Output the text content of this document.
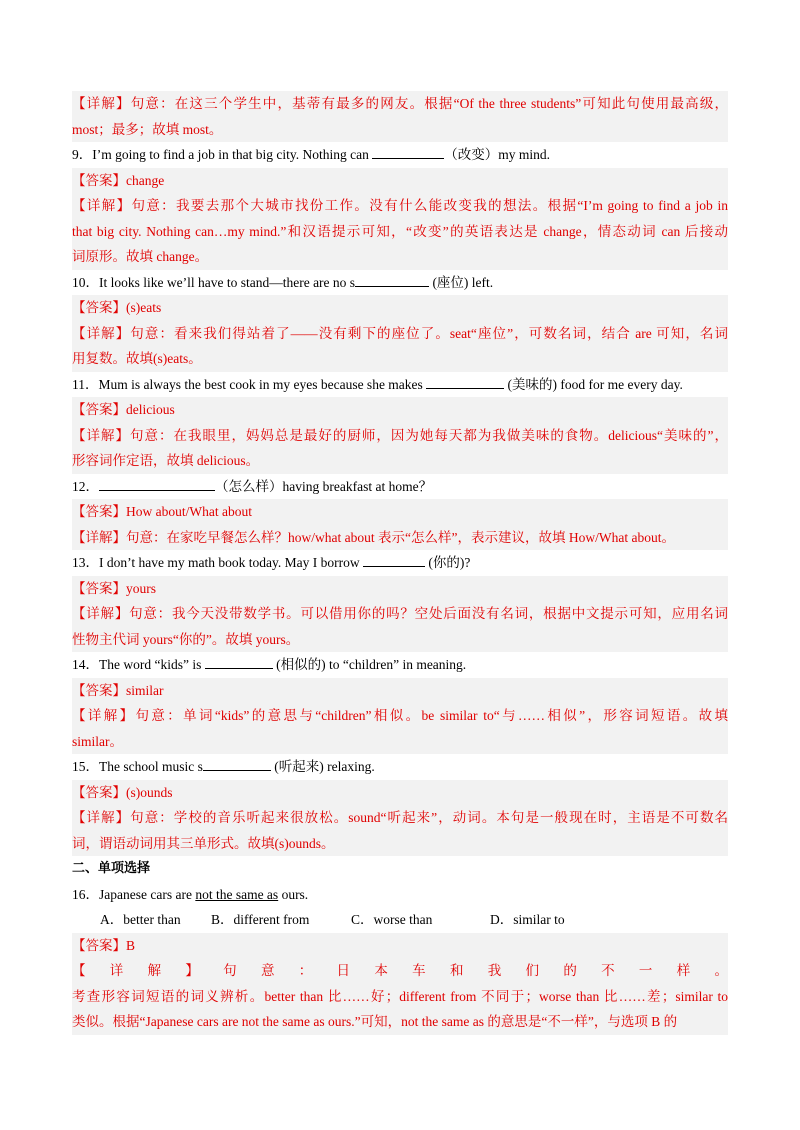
【详解】句意：在这三个学生中，基蒂有最多的网友。根据“Of the three students”可知此句使用最高级，
most；最多；故填 most。
9．I’m going to find a job in that big city. Nothing can	（改变）my mind.
【答案】change
【详解】句意：我要去那个大城市找份工作。没有什么能改变我的想法。根据“I’m going to find a job in
that big city. Nothing can…my mind.”和汉语提示可知，“改变”的英语表达是 change，情态动词 can 后接动
词原形。故填 change。
10．It looks like we’ll have to stand—there are no s	(座位) left.
【答案】(s)eats
【详解】句意：看来我们得站着了——没有剩下的座位了。seat“座位”，可数名词，结合 are 可知，名词
用复数。故填(s)eats。
11．Mum is always the best cook in my eyes because she makes	(美味的) food for me every day.
【答案】delicious
【详解】句意：在我眼里，妈妈总是最好的厨师，因为她每天都为我做美味的食物。delicious“美味的”，
形容词作定语，故填 delicious。
12．	（怎么样）having breakfast at home？
【答案】How about/What about
【详解】句意：在家吃早餐怎么样？how/what about 表示“怎么样”，表示建议，故填 How/What about。
13．I don’t have my math book today. May I borrow	(你的)?
【答案】yours
【详解】句意：我今天没带数学书。可以借用你的吗？空处后面没有名词，根据中文提示可知，应用名词
性物主代词 yours“你的”。故填 yours。
14．The word “kids” is	(相似的) to “children” in meaning.
【答案】similar
【详解】句意：单词“kids”的意思与“children”相似。be similar to“与……相似”，形容词短语。故填
similar。
15．The school music s	(听起来) relaxing.
【答案】(s)ounds
【详解】句意：学校的音乐听起来很放松。sound“听起来”，动词。本句是一般现在时，主语是不可数名
词，谓语动词用其三单形式。故填(s)ounds。
二、单项选择
16．Japanese cars are not the same as ours.
A．better than B．different from	C．worse than	D．similar to
【答案】B
【详解】句意：日本车和我们的不一样。
考查形容词短语的词义辨析。better than 比……好；different from 不同于；worse than 比……差；similar to
类似。根据“Japanese cars are not the same as ours.”可知，not the same as 的意思是“不一样”，与选项 B 的
